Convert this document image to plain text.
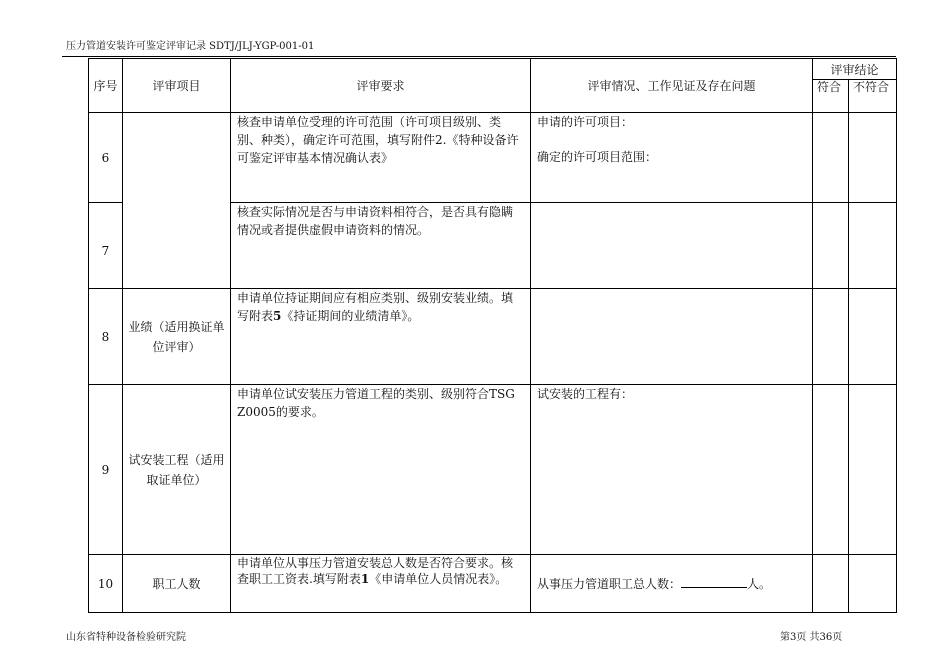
压力管道安装许可鉴定评审记录 SDTJ/JLJ-YGP-001-01
序号	评审项目	评审要求	评审情况、工作见证及存在问题	评审结论	
				符合	不符合
6		核查申请单位受理的许可范围（许可项目级别、类别、种类），确定许可范围，填写附件2.《特种设备许可鉴定评审基本情况确认表》	申请的许可项目：
确定的许可项目范围：		

7		核查实际情况是否与申请资料相符合，是否具有隐瞒情况或者提供虚假申请资料的情况。			
8	业绩（适用换证单位评审）	申请单位持证期间应有相应类别、级别安装业绩。填写附表5《持证期间的业绩清单》。			
9	试安装工程（适用取证单位）	申请单位试安装压力管道工程的类别、级别符合TSG Z0005的要求。	试安装的工程有：		
10	职工人数	申请单位从事压力管道安装总人数是否符合要求。核查职工工资表.填写附表1《申请单位人员情况表》。	从事压力管道职工总人数： 人。		
山东省特种设备检验研究院	第3页 共36页
